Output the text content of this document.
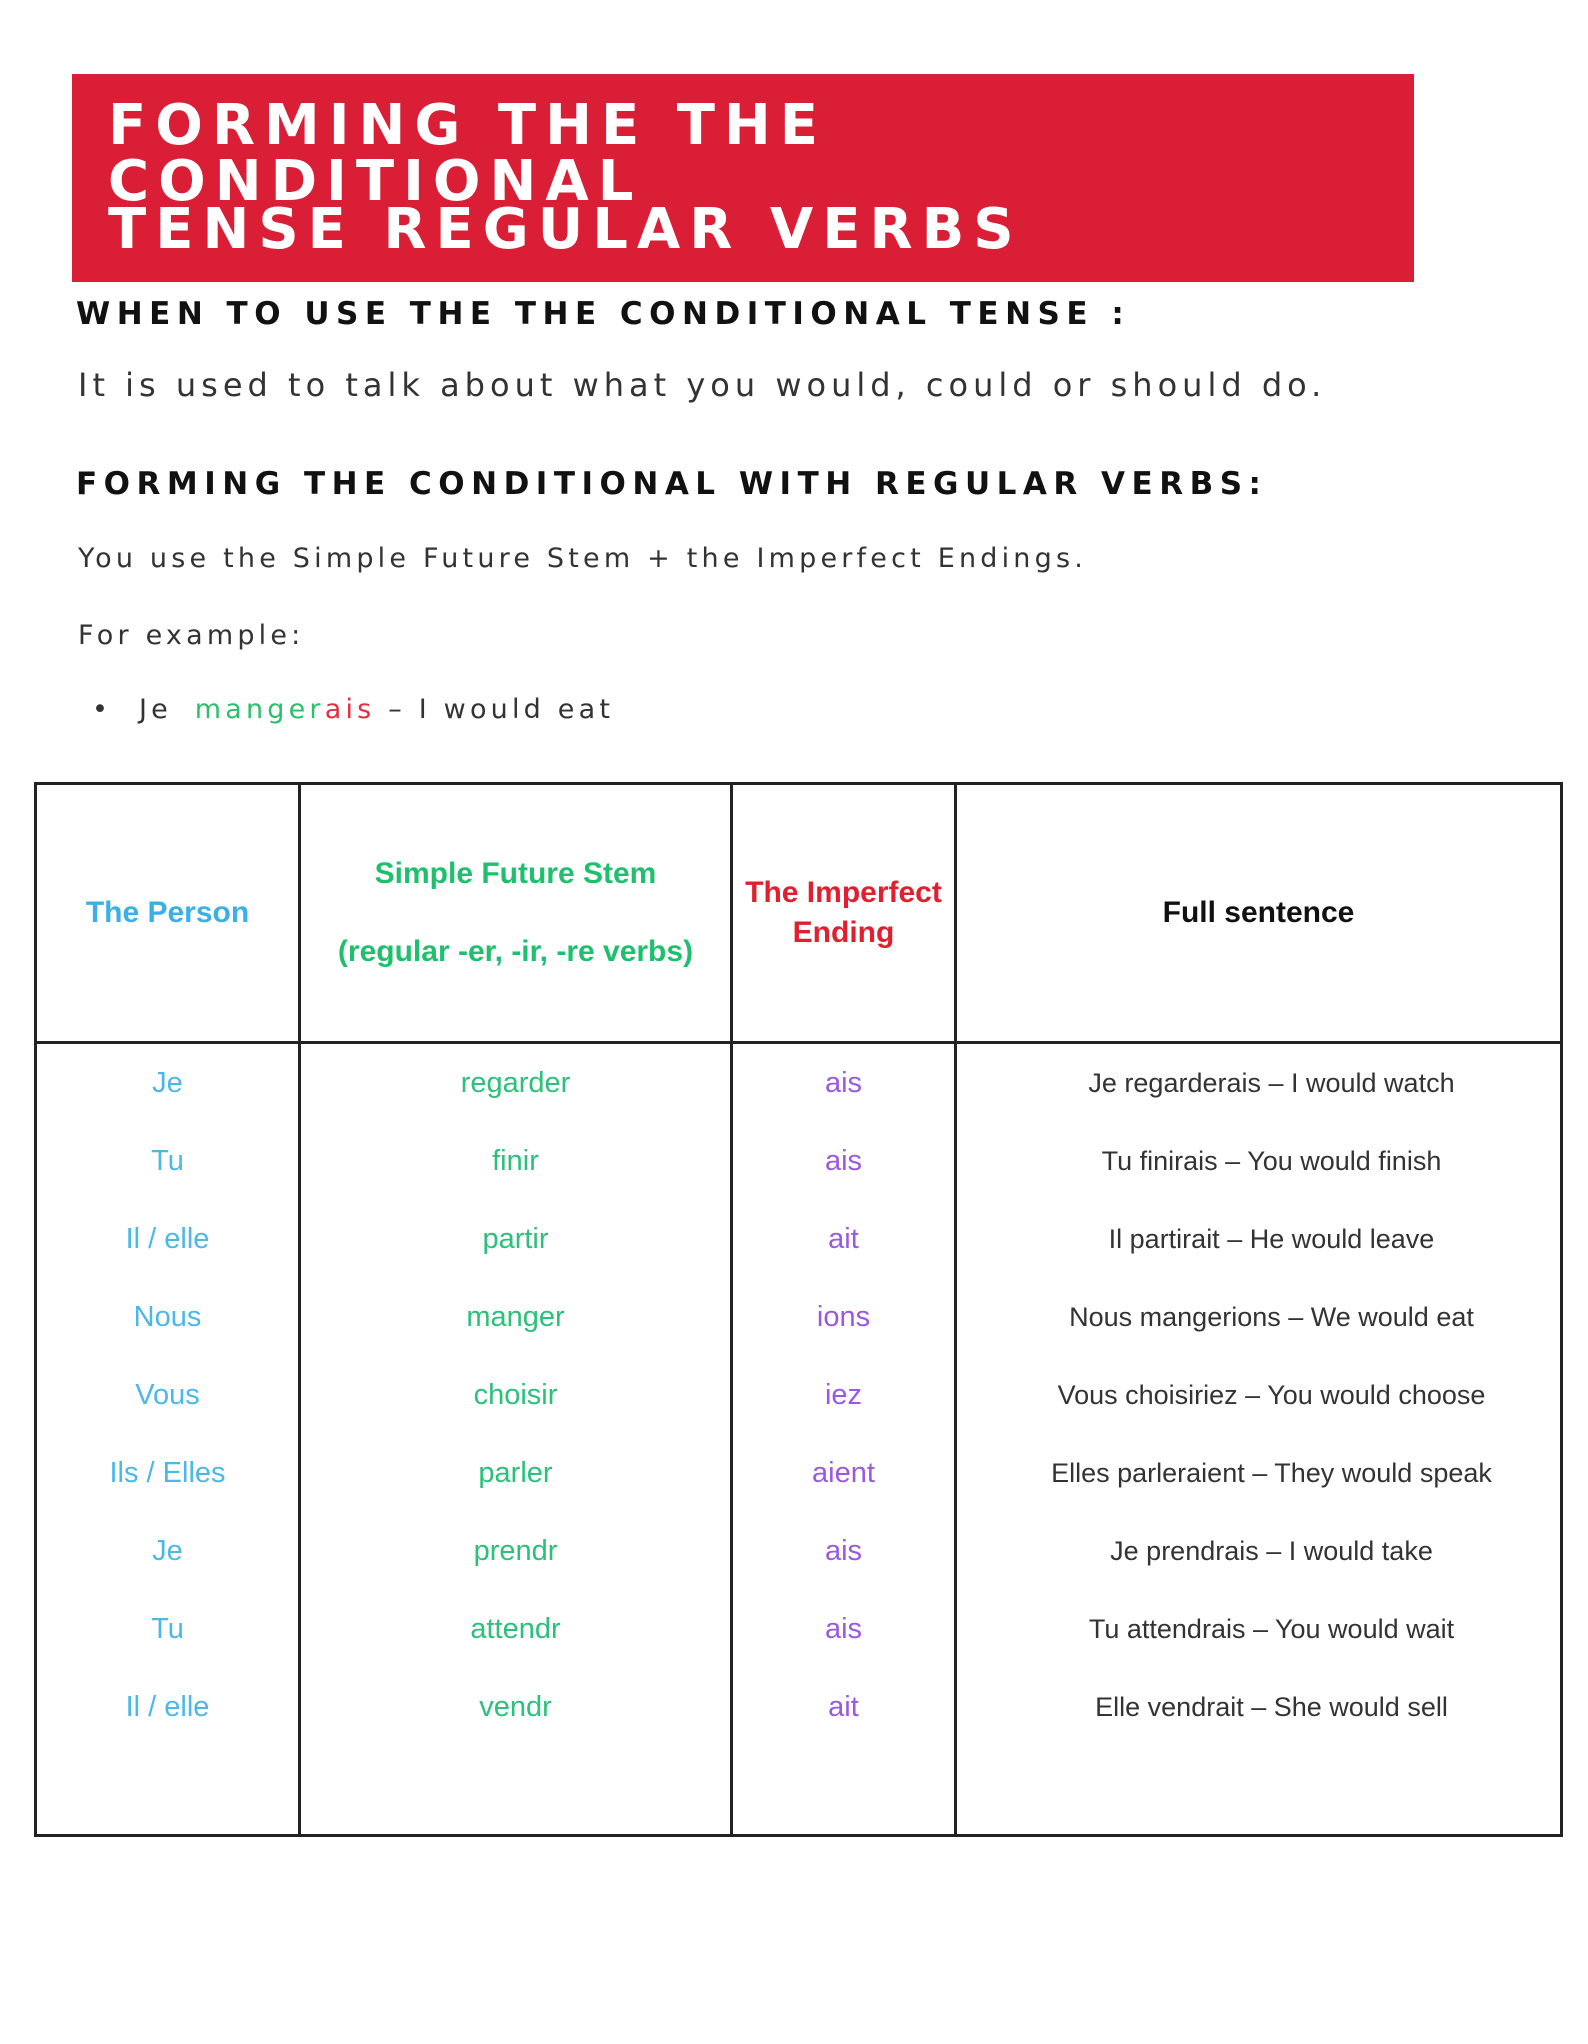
FORMING THE THE CONDITIONAL
TENSE REGULAR VERBS
WHEN TO USE THE THE CONDITIONAL TENSE :
It is used to talk about what you would, could or should do.
FORMING THE CONDITIONAL WITH REGULAR VERBS:
You use the Simple Future Stem + the Imperfect Endings.
For example:
• Je mangerais – I would eat
The Person	Simple Future Stem
(regular -er, -ir, -re verbs)	The Imperfect Ending	Full sentence
Je	regarder	ais	Je regarderais – I would watch
Tu	finir	ais	Tu finirais – You would finish
Il / elle	partir	ait	Il partirait – He would leave
Nous	manger	ions	Nous mangerions – We would eat
Vous	choisir	iez	Vous choisiriez – You would choose
Ils / Elles	parler	aient	Elles parleraient – They would speak
Je	prendr	ais	Je prendrais – I would take
Tu	attendr	ais	Tu attendrais – You would wait
Il / elle	vendr	ait	Elle vendrait – She would sell
